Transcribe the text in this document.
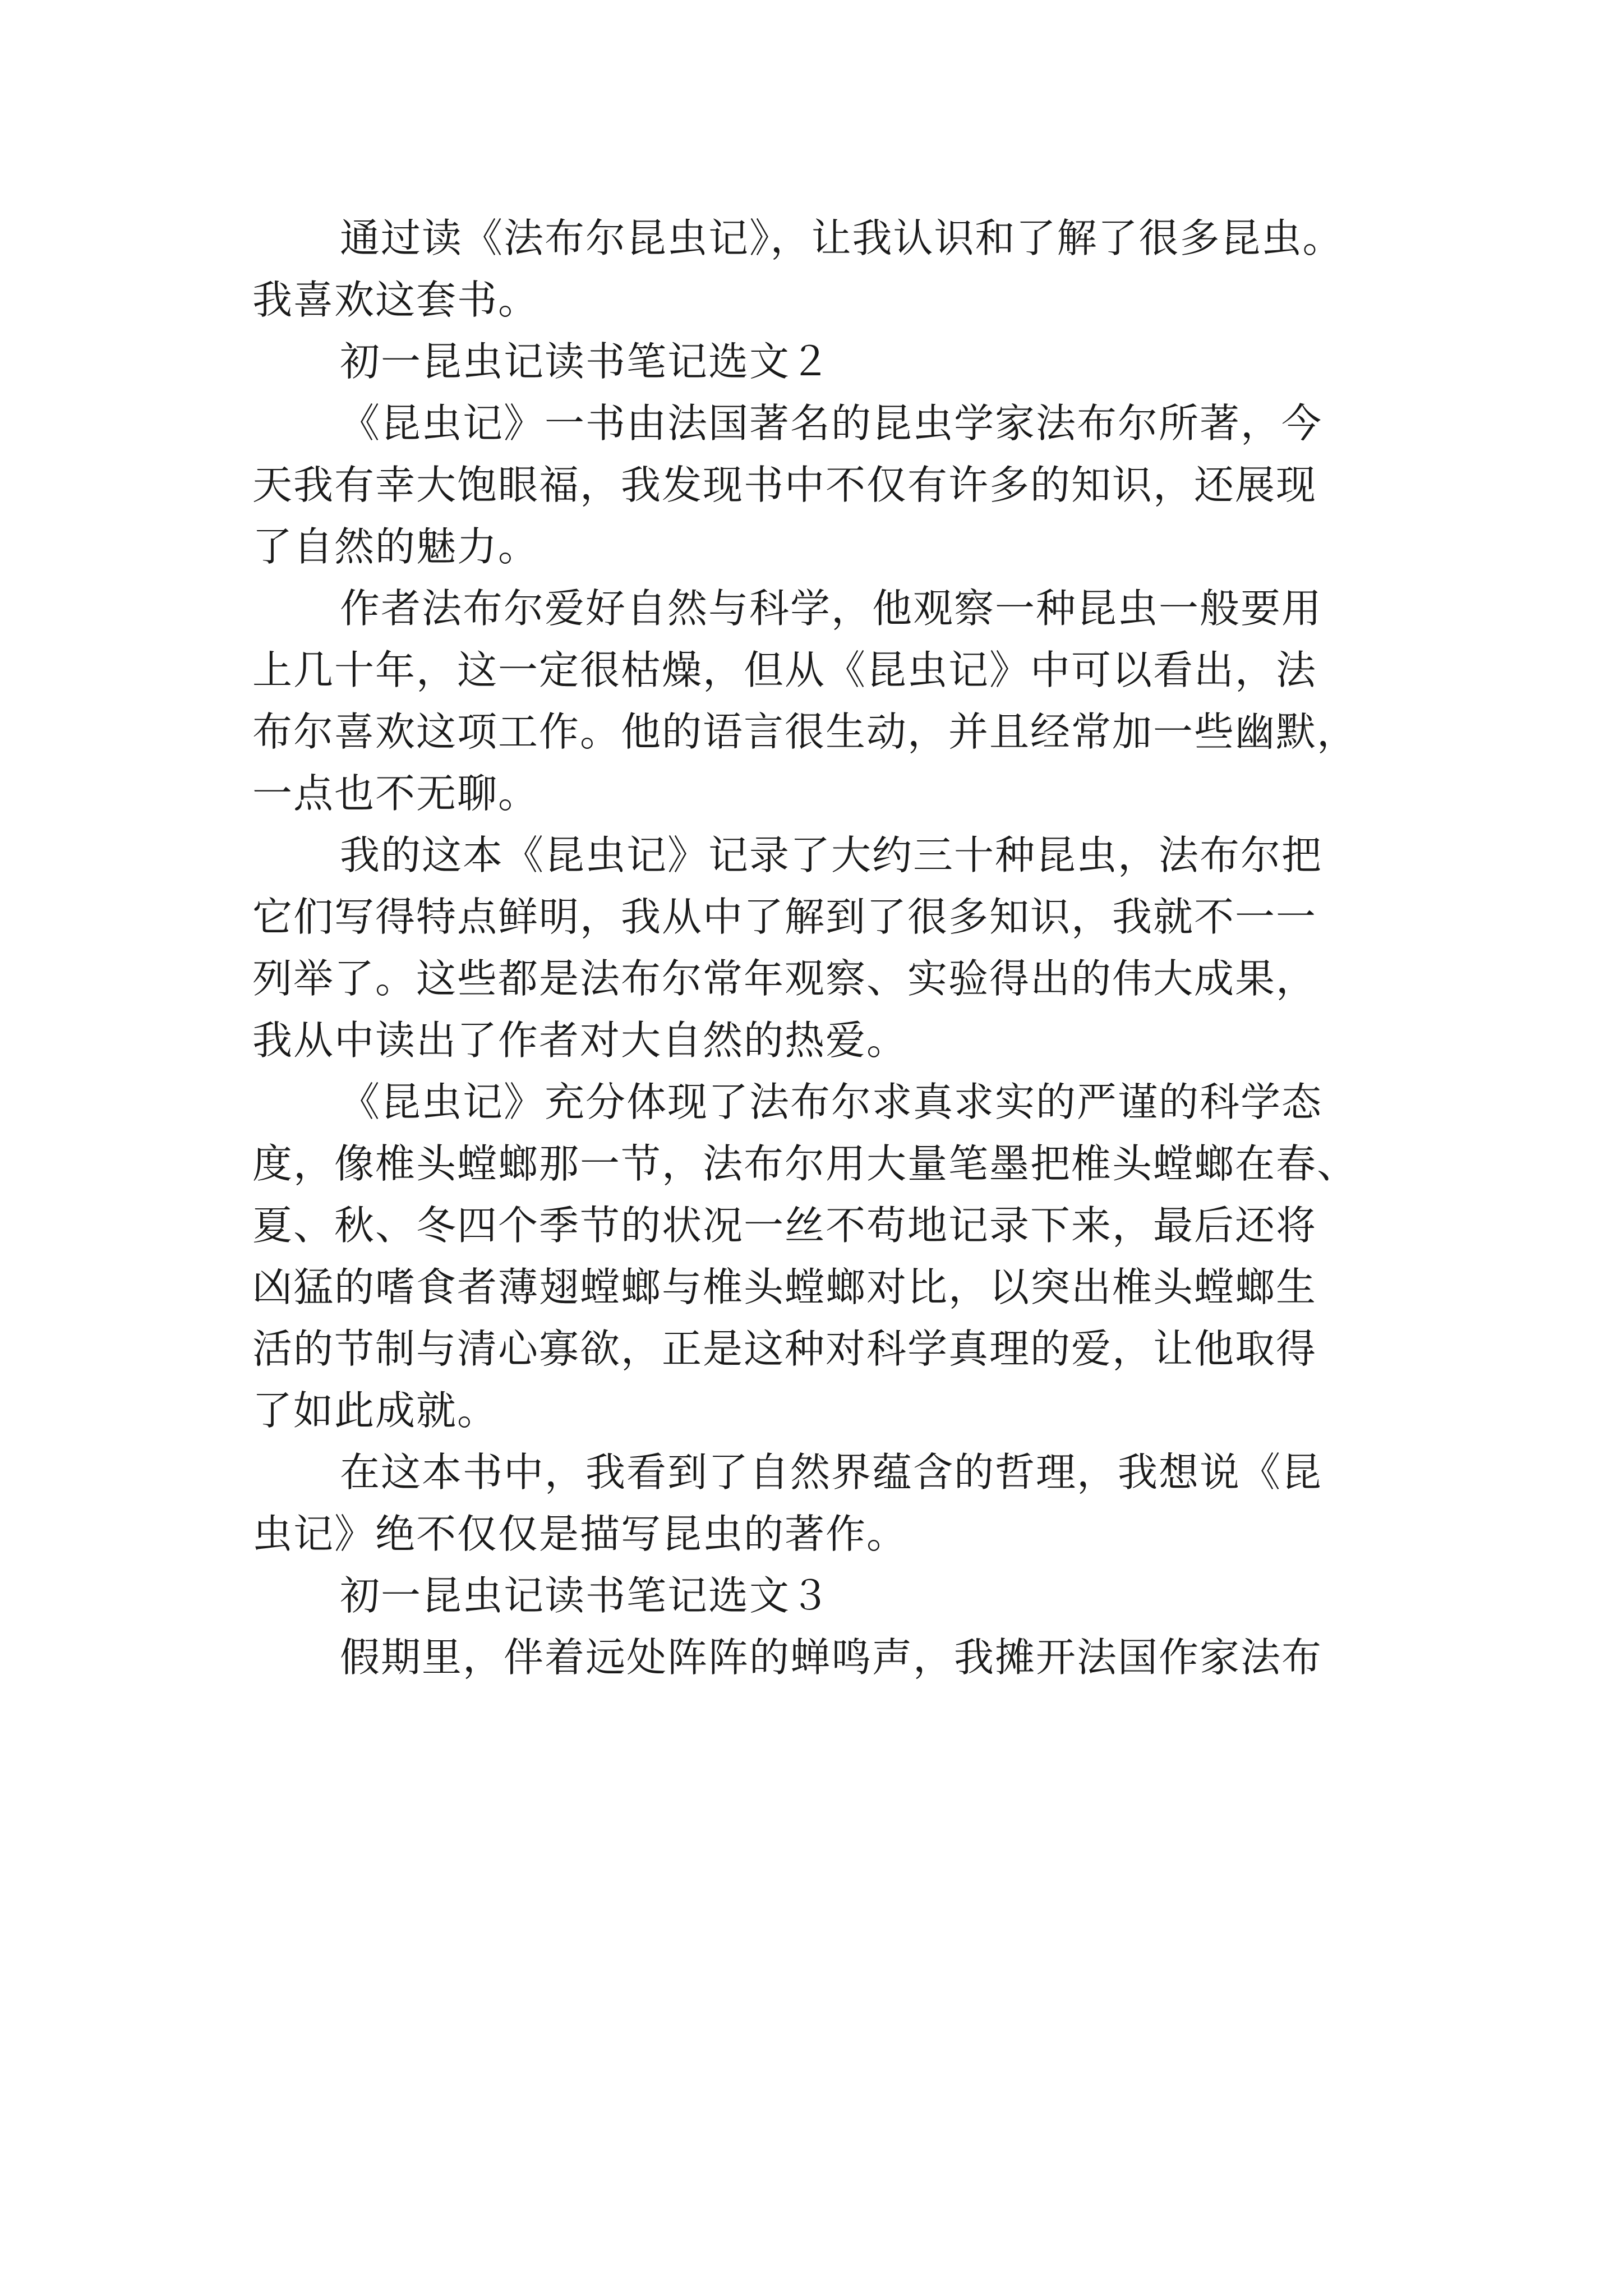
通过读《法布尔昆虫记》，让我认识和了解了很多昆虫。
我喜欢这套书。
初一昆虫记读书笔记选文２
《昆虫记》一书由法国著名的昆虫学家法布尔所著，今
天我有幸大饱眼福，我发现书中不仅有许多的知识，还展现
了自然的魅力。
作者法布尔爱好自然与科学，他观察一种昆虫一般要用
上几十年，这一定很枯燥，但从《昆虫记》中可以看出，法
布尔喜欢这项工作。他的语言很生动，并且经常加一些幽默，
一点也不无聊。
我的这本《昆虫记》记录了大约三十种昆虫，法布尔把
它们写得特点鲜明，我从中了解到了很多知识，我就不一一
列举了。这些都是法布尔常年观察、实验得出的伟大成果，
我从中读出了作者对大自然的热爱。
《昆虫记》充分体现了法布尔求真求实的严谨的科学态
度，像椎头螳螂那一节，法布尔用大量笔墨把椎头螳螂在春、
夏、秋、冬四个季节的状况一丝不苟地记录下来，最后还将
凶猛的嗜食者薄翅螳螂与椎头螳螂对比，以突出椎头螳螂生
活的节制与清心寡欲，正是这种对科学真理的爱，让他取得
了如此成就。
在这本书中，我看到了自然界蕴含的哲理，我想说《昆
虫记》绝不仅仅是描写昆虫的著作。
初一昆虫记读书笔记选文３
假期里，伴着远处阵阵的蝉鸣声，我摊开法国作家法布
